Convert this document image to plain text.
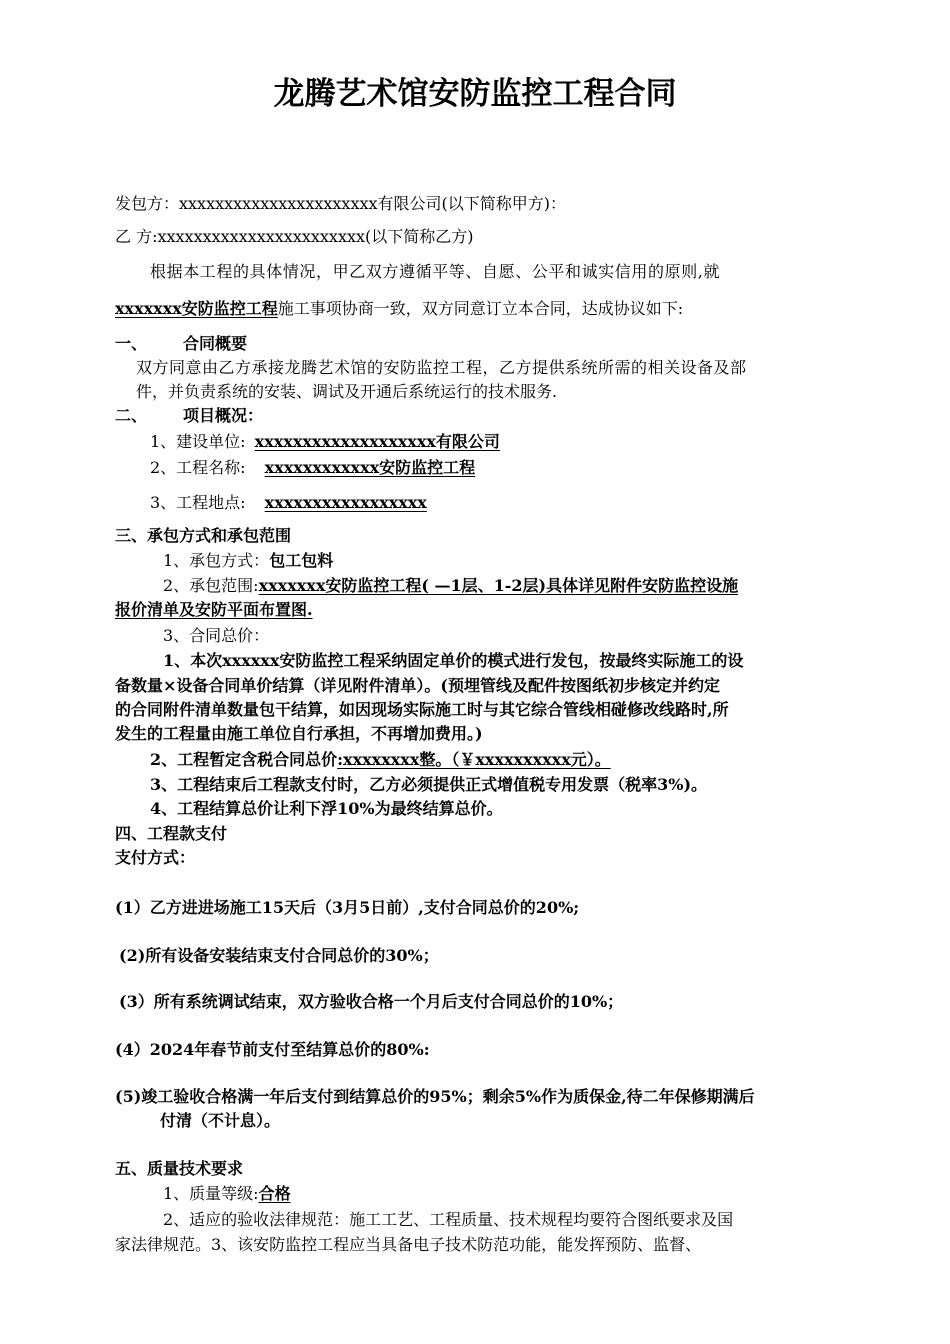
龙腾艺术馆安防监控工程合同
发包方：xxxxxxxxxxxxxxxxxxxxxx有限公司(以下简称甲方)：
乙 方:xxxxxxxxxxxxxxxxxxxxxxx(以下简称乙方)
根据本工程的具体情况，甲乙双方遵循平等、自愿、公平和诚实信用的原则,就
xxxxxxx安防监控工程施工事项协商一致，双方同意订立本合同，达成协议如下:
一、 合同概要
双方同意由乙方承接龙腾艺术馆的安防监控工程，乙方提供系统所需的相关设备及部
件，并负责系统的安装、调试及开通后系统运行的技术服务.
二、 项目概况：
1、建设单位: xxxxxxxxxxxxxxxxxxx有限公司
2、工程名称: xxxxxxxxxxxx安防监控工程
3、工程地点: xxxxxxxxxxxxxxxxx
三、承包方式和承包范围
1、承包方式：包工包料
2、承包范围:xxxxxxx安防监控工程( —1层、1-2层)具体详见附件安防监控设施
报价清单及安防平面布置图.
3、合同总价：
1、本次xxxxxx安防监控工程采纳固定单价的模式进行发包，按最终实际施工的设
备数量×设备合同单价结算（详见附件清单）。(预埋管线及配件按图纸初步核定并约定
的合同附件清单数量包干结算，如因现场实际施工时与其它综合管线相碰修改线路时,所
发生的工程量由施工单位自行承担，不再增加费用。)
2、工程暂定含税合同总价:xxxxxxxx整。（￥xxxxxxxxxx元）。
3、工程结束后工程款支付时，乙方必须提供正式增值税专用发票（税率3%)。
4、工程结算总价让利下浮10%为最终结算总价。
四、工程款支付
支付方式：
(1）乙方进进场施工15天后（3月5日前）,支付合同总价的20%;
(2)所有设备安装结束支付合同总价的30%；
(3）所有系统调试结束，双方验收合格一个月后支付合同总价的10%；
(4）2024年春节前支付至结算总价的80%:
(5)竣工验收合格满一年后支付到结算总价的95%；剩余5%作为质保金,待二年保修期满后
付清（不计息）。
五、质量技术要求
1、质量等级:合格
2、适应的验收法律规范：施工工艺、工程质量、技术规程均要符合图纸要求及国
家法律规范。3、该安防监控工程应当具备电子技术防范功能，能发挥预防、监督、
